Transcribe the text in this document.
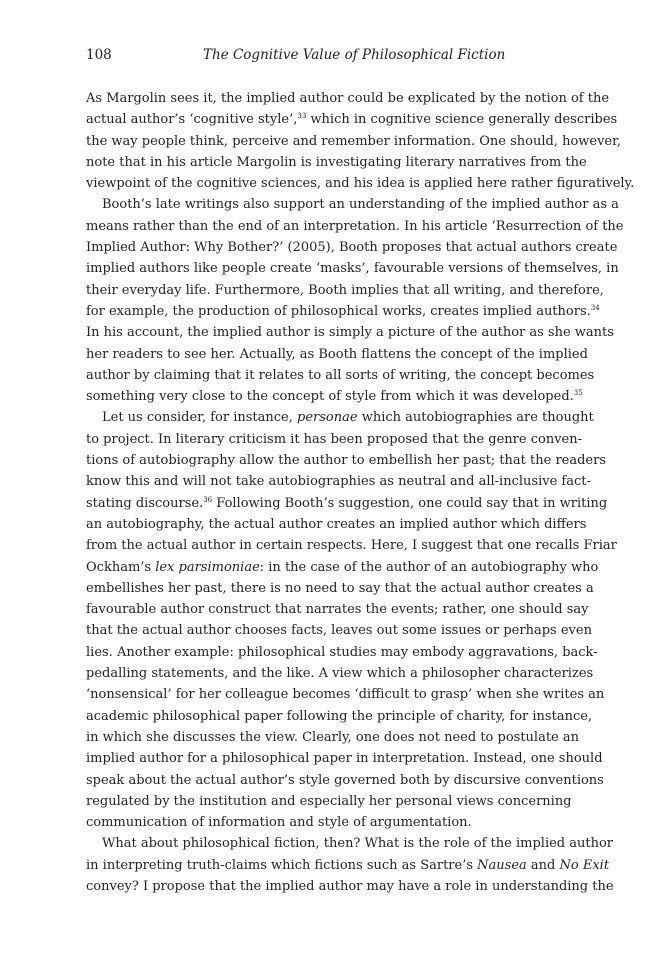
108	The Cognitive Value of Philosophical Fiction
As Margolin sees it, the implied author could be explicated by the notion of the
actual author’s ‘cognitive style’,$^{33}$ which in cognitive science generally describes
the way people think, perceive and remember information. One should, however,
note that in his article Margolin is investigating literary narratives from the
viewpoint of the cognitive sciences, and his idea is applied here rather figuratively.
Booth’s late writings also support an understanding of the implied author as a
means rather than the end of an interpretation. In his article ‘Resurrection of the
Implied Author: Why Bother?’ (2005), Booth proposes that actual authors create
implied authors like people create ‘masks’, favourable versions of themselves, in
their everyday life. Furthermore, Booth implies that all writing, and therefore,
for example, the production of philosophical works, creates implied authors.$^{34}$
In his account, the implied author is simply a picture of the author as she wants
her readers to see her. Actually, as Booth flattens the concept of the implied
author by claiming that it relates to all sorts of writing, the concept becomes
something very close to the concept of style from which it was developed.$^{35}$
Let us consider, for instance, personae which autobiographies are thought
to project. In literary criticism it has been proposed that the genre conven-
tions of autobiography allow the author to embellish her past; that the readers
know this and will not take autobiographies as neutral and all-inclusive fact-
stating discourse.$^{36}$ Following Booth’s suggestion, one could say that in writing
an autobiography, the actual author creates an implied author which differs
from the actual author in certain respects. Here, I suggest that one recalls Friar
Ockham’s lex parsimoniae: in the case of the author of an autobiography who
embellishes her past, there is no need to say that the actual author creates a
favourable author construct that narrates the events; rather, one should say
that the actual author chooses facts, leaves out some issues or perhaps even
lies. Another example: philosophical studies may embody aggravations, back-
pedalling statements, and the like. A view which a philosopher characterizes
‘nonsensical’ for her colleague becomes ‘difficult to grasp’ when she writes an
academic philosophical paper following the principle of charity, for instance,
in which she discusses the view. Clearly, one does not need to postulate an
implied author for a philosophical paper in interpretation. Instead, one should
speak about the actual author’s style governed both by discursive conventions
regulated by the institution and especially her personal views concerning
communication of information and style of argumentation.
What about philosophical fiction, then? What is the role of the implied author
in interpreting truth-claims which fictions such as Sartre’s Nausea and No Exit
convey? I propose that the implied author may have a role in understanding the
